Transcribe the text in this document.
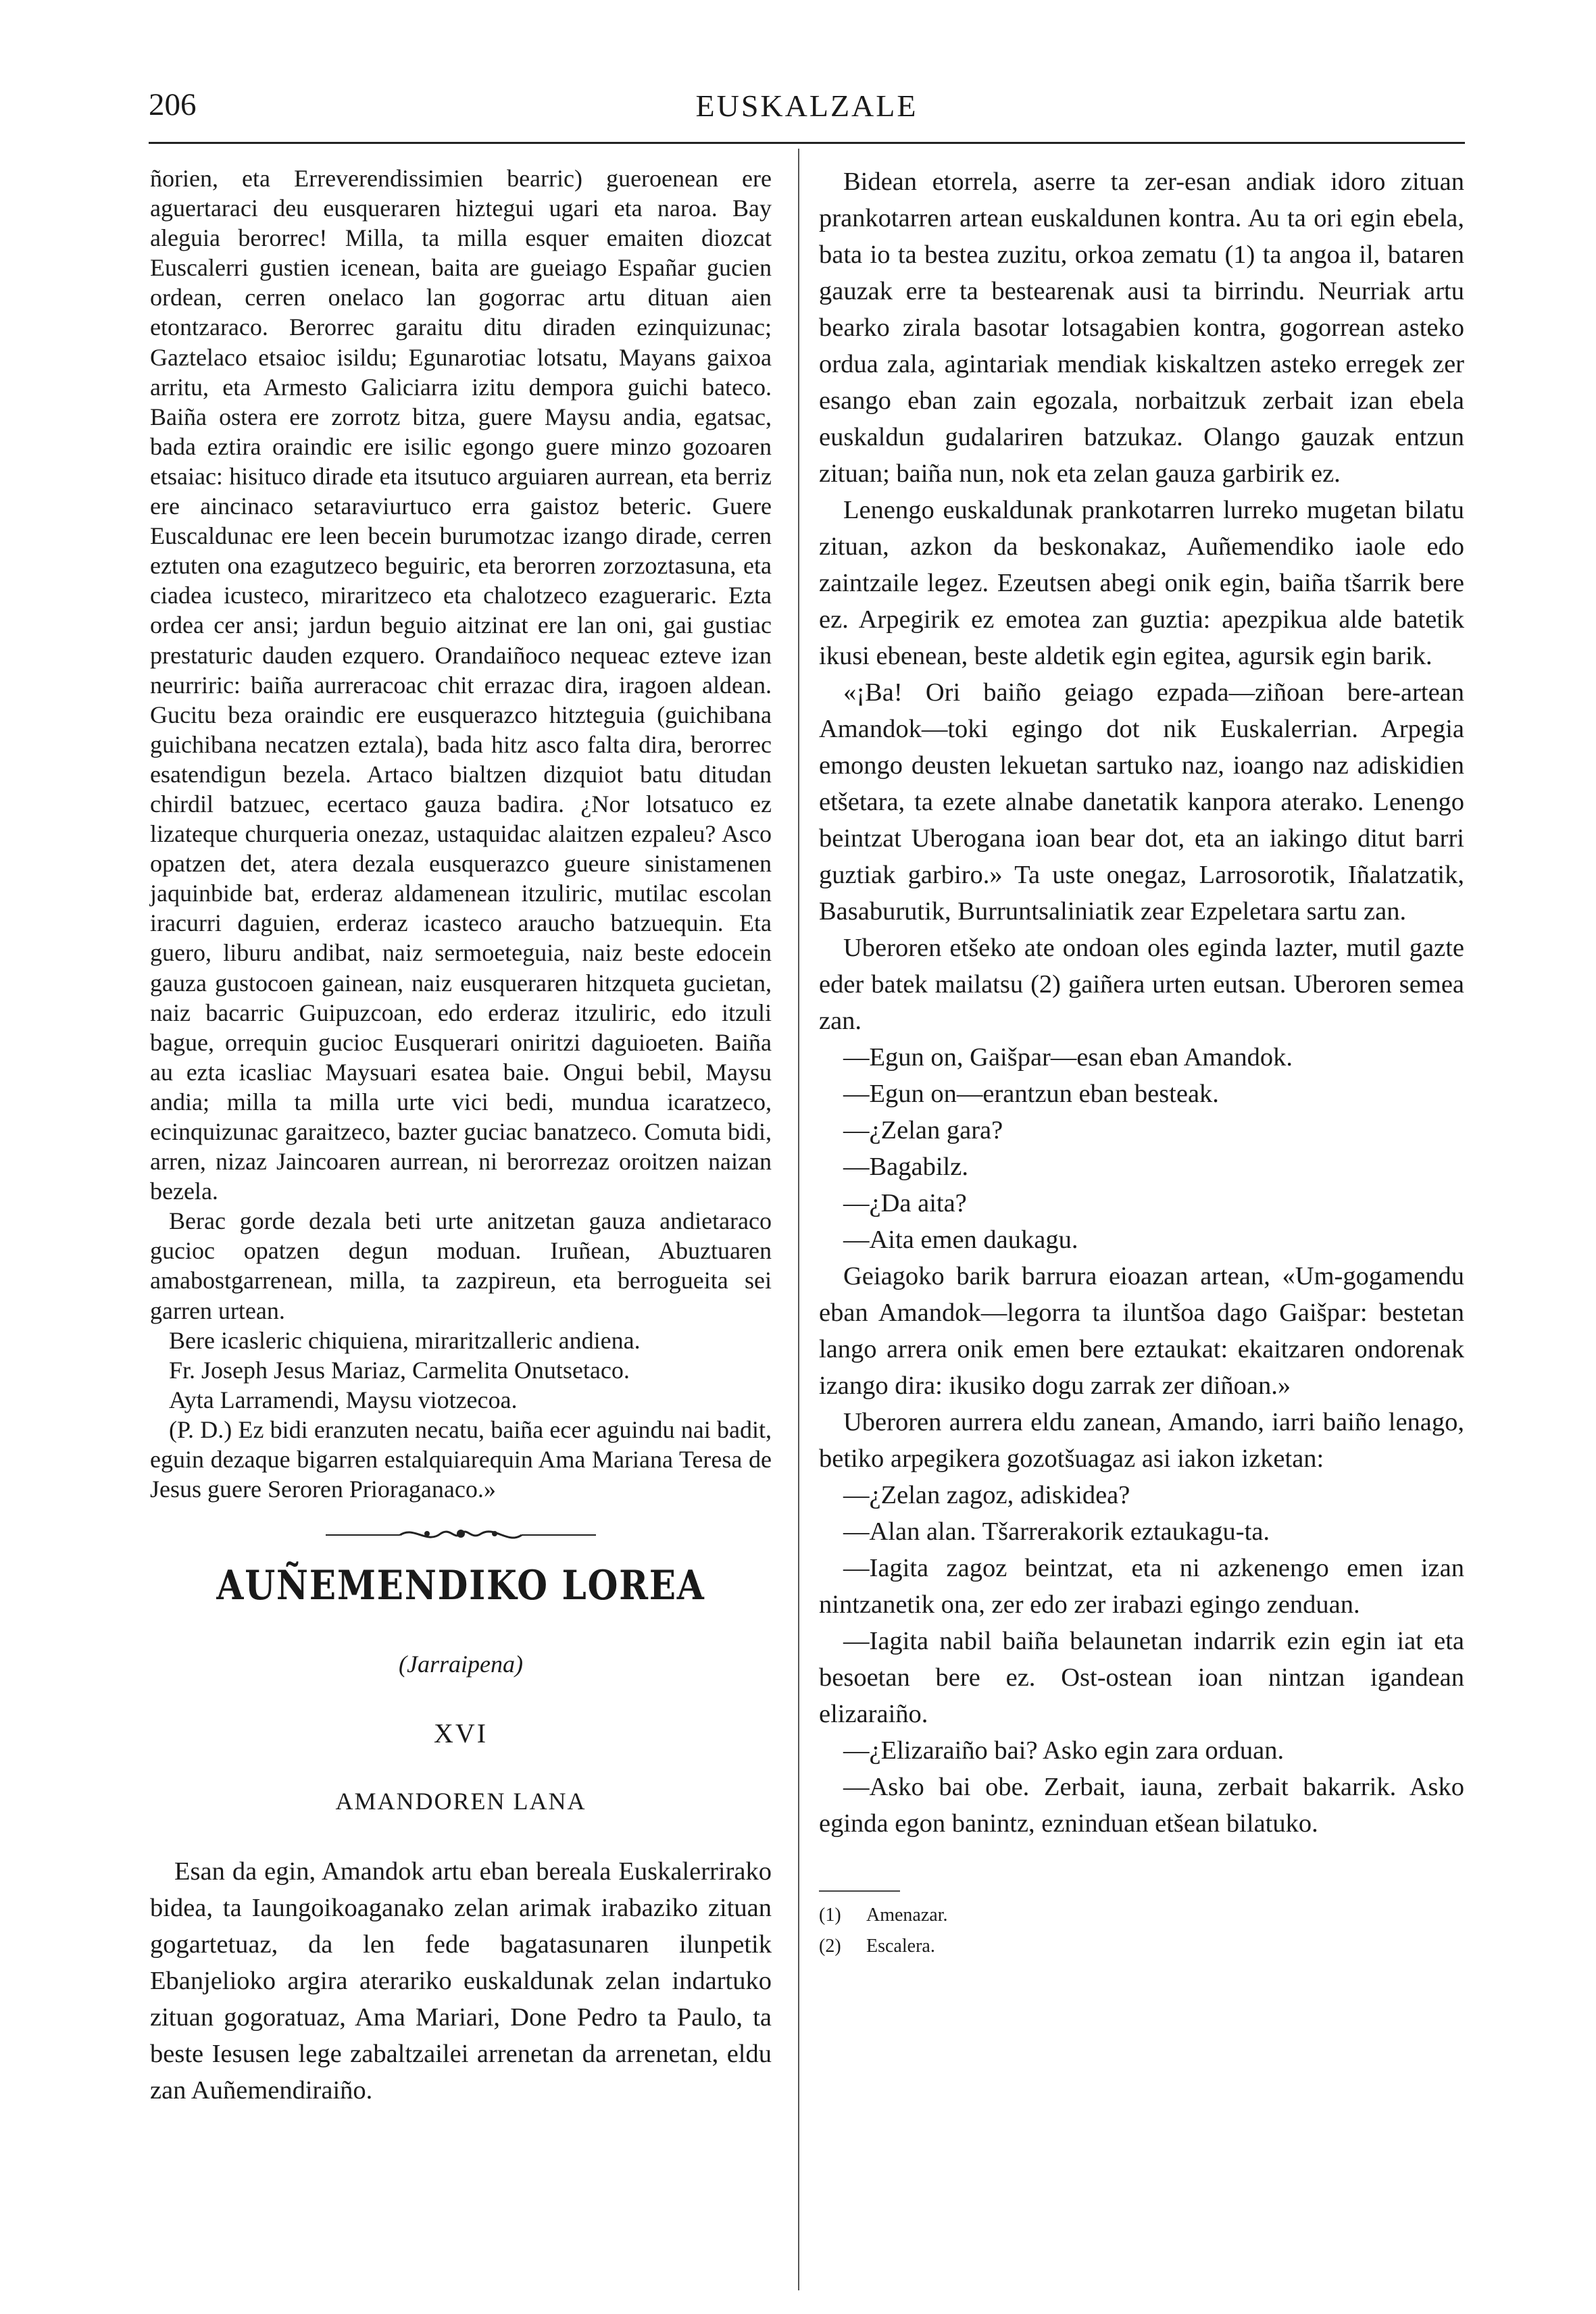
206	EUSKALZALE

ñorien, eta Erreverendissimien bearric) gueroenean ere aguertaraci deu eusqueraren hiztegui ugari eta naroa. Bay aleguia berorrec! Milla, ta milla esquer emaiten diozcat Euscalerri gustien icenean, baita are gueiago Españar gucien ordean, cerren onelaco lan gogorrac artu dituan aien etontzaraco. Berorrec garaitu ditu diraden ezinquizunac; Gaztelaco etsaioc isildu; Egunarotiac lotsatu, Mayans gaixoa arritu, eta Armesto Galiciarra izitu dempora guichi bateco. Baiña ostera ere zorrotz bitza, guere Maysu andia, egatsac, bada eztira oraindic ere isilic egongo guere minzo gozoaren etsaiac: hisituco dirade eta itsutuco arguiaren aurrean, eta berriz ere aincinaco setaraviurtuco erra gaistoz beteric. Guere Euscaldunac ere leen becein burumotzac izango dirade, cerren eztuten ona ezagutzeco beguiric, eta berorren zorzoztasuna, eta ciadea icusteco, miraritzeco eta chalotzeco ezagueraric. Ezta ordea cer ansi; jardun beguio aitzinat ere lan oni, gai gustiac prestaturic dauden ezquero. Orandaiñoco nequeac ezteve izan neurriric: baiña aurreracoac chit errazac dira, iragoen aldean. Gucitu beza oraindic ere eusquerazco hitzteguia (guichibana guichibana necatzen eztala), bada hitz asco falta dira, berorrec esatendigun bezela. Artaco bialtzen dizquiot batu ditudan chirdil batzuec, ecertaco gauza badira. ¿Nor lotsatuco ez lizateque churqueria onezaz, ustaquidac alaitzen ezpaleu? Asco opatzen det, atera dezala eusquerazco gueure sinistamenen jaquinbide bat, erderaz aldamenean itzuliric, mutilac escolan iracurri daguien, erderaz icasteco araucho batzuequin. Eta guero, liburu andibat, naiz sermoeteguia, naiz beste edocein gauza gustocoen gainean, naiz eusqueraren hitzqueta gucietan, naiz bacarric Guipuzcoan, edo erderaz itzuliric, edo itzuli bague, orrequin gucioc Eusquerari oniritzi daguioeten. Baiña au ezta icasliac Maysuari esatea baie. Ongui bebil, Maysu andia; milla ta milla urte vici bedi, mundua icaratzeco, ecinquizunac garaitzeco, bazter guciac banatzeco. Comuta bidi, arren, nizaz Jaincoaren aurrean, ni berorrezaz oroitzen naizan bezela.

Berac gorde dezala beti urte anitzetan gauza andietaraco gucioc opatzen degun moduan. Iruñean, Abuztuaren amabostgarrenean, milla, ta zazpireun, eta berrogueita sei garren urtean.

Bere icasleric chiquiena, miraritzalleric andiena.

Fr. Joseph Jesus Mariaz, Carmelita Onutsetaco.

Ayta Larramendi, Maysu viotzecoa.

(P. D.) Ez bidi eranzuten necatu, baiña ecer aguindu nai badit, eguin dezaque bigarren estalquiarequin Ama Mariana Teresa de Jesus guere Seroren Prioraganaco.»

AUÑEMENDIKO LOREA
(Jarraipena)
XVI
AMANDOREN LANA

Esan da egin, Amandok artu eban bereala Euskalerrirako bidea, ta Iaungoikoaganako zelan arimak irabaziko zituan gogartetuaz, da len fede bagatasunaren ilunpetik Ebanjelioko argira aterariko euskaldunak zelan indartuko zituan gogoratuaz, Ama Mariari, Done Pedro ta Paulo, ta beste Iesusen lege zabaltzailei arrenetan da arrenetan, eldu zan Auñemendiraiño.

Bidean etorrela, aserre ta zer-esan andiak idoro zituan prankotarren artean euskaldunen kontra. Au ta ori egin ebela, bata io ta bestea zuzitu, orkoa zematu (1) ta angoa il, bataren gauzak erre ta bestearenak ausi ta birrindu. Neurriak artu bearko zirala basotar lotsagabien kontra, gogorrean asteko ordua zala, agintariak mendiak kiskaltzen asteko erregek zer esango eban zain egozala, norbaitzuk zerbait izan ebela euskaldun gudalariren batzukaz. Olango gauzak entzun zituan; baiña nun, nok eta zelan gauza garbirik ez.

Lenengo euskaldunak prankotarren lurreko mugetan bilatu zituan, azkon da beskonakaz, Auñemendiko iaole edo zaintzaile legez. Ezeutsen abegi onik egin, baiña tšarrik bere ez. Arpegirik ez emotea zan guztia: apezpikua alde batetik ikusi ebenean, beste aldetik egin egitea, agursik egin barik.

«¡Ba! Ori baiño geiago ezpada—ziñoan bere-artean Amandok—toki egingo dot nik Euskalerrian. Arpegia emongo deusten lekuetan sartuko naz, ioango naz adiskidien etšetara, ta ezete alnabe danetatik kanpora aterako. Lenengo beintzat Uberogana ioan bear dot, eta an iakingo ditut barri guztiak garbiro.» Ta uste onegaz, Larrosorotik, Iñalatzatik, Basaburutik, Burruntsaliniatik zear Ezpeletara sartu zan.

Uberoren etšeko ate ondoan oles eginda lazter, mutil gazte eder batek mailatsu (2) gaiñera urten eutsan. Uberoren semea zan.

—Egun on, Gaišpar—esan eban Amandok.

—Egun on—erantzun eban besteak.

—¿Zelan gara?

—Bagabilz.

—¿Da aita?

—Aita emen daukagu.

Geiagoko barik barrura eioazan artean, «Um-gogamendu eban Amandok—legorra ta iluntšoa dago Gaišpar: bestetan lango arrera onik emen bere eztaukat: ekaitzaren ondorenak izango dira: ikusiko dogu zarrak zer diñoan.»

Uberoren aurrera eldu zanean, Amando, iarri baiño lenago, betiko arpegikera gozotšuagaz asi iakon izketan:

—¿Zelan zagoz, adiskidea?

—Alan alan. Tšarrerakorik eztaukagu-ta.

—Iagita zagoz beintzat, eta ni azkenengo emen izan nintzanetik ona, zer edo zer irabazi egingo zenduan.

—Iagita nabil baiña belaunetan indarrik ezin egin iat eta besoetan bere ez. Ost-ostean ioan nintzan igandean elizaraiño.

—¿Elizaraiño bai? Asko egin zara orduan.

—Asko bai obe. Zerbait, iauna, zerbait bakarrik. Asko eginda egon banintz, ezninduan etšean bilatuko.

(1) Amenazar.
(2) Escalera.
